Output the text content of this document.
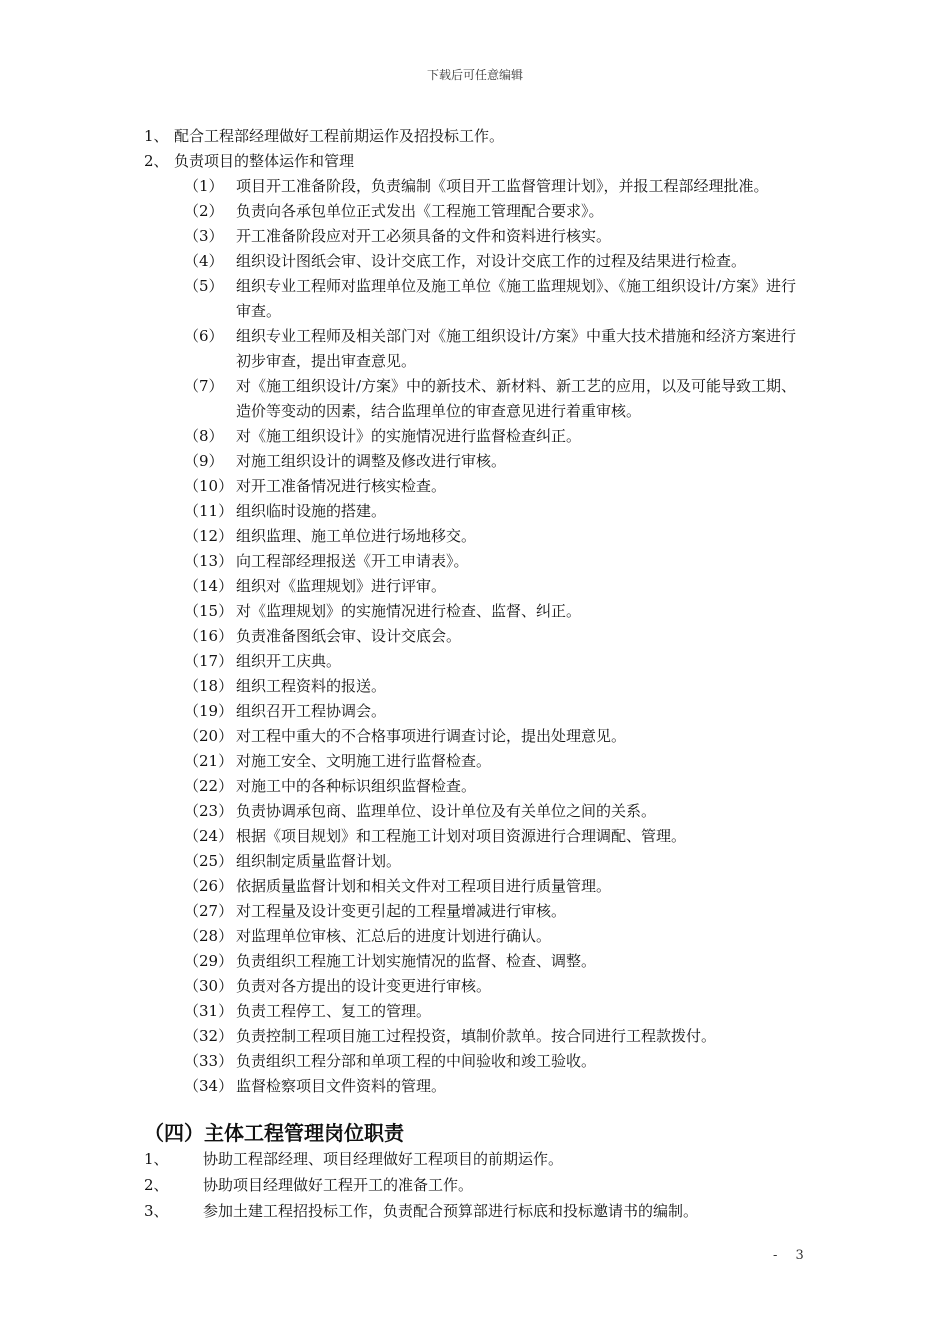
下载后可任意编辑
1、 配合工程部经理做好工程前期运作及招投标工作。
2、 负责项目的整体运作和管理
（1） 项目开工准备阶段，负责编制《项目开工监督管理计划》，并报工程部经理批准。
（2） 负责向各承包单位正式发出《工程施工管理配合要求》。
（3） 开工准备阶段应对开工必须具备的文件和资料进行核实。
（4） 组织设计图纸会审、设计交底工作，对设计交底工作的过程及结果进行检查。
（5） 组织专业工程师对监理单位及施工单位《施工监理规划》、《施工组织设计/方案》进行审查。
（6） 组织专业工程师及相关部门对《施工组织设计/方案》中重大技术措施和经济方案进行初步审查，提出审查意见。
（7） 对《施工组织设计/方案》中的新技术、新材料、新工艺的应用，以及可能导致工期、造价等变动的因素，结合监理单位的审查意见进行着重审核。
（8） 对《施工组织设计》的实施情况进行监督检查纠正。
（9） 对施工组织设计的调整及修改进行审核。
（10） 对开工准备情况进行核实检查。
（11） 组织临时设施的搭建。
（12） 组织监理、施工单位进行场地移交。
（13） 向工程部经理报送《开工申请表》。
（14） 组织对《监理规划》进行评审。
（15） 对《监理规划》的实施情况进行检查、监督、纠正。
（16） 负责准备图纸会审、设计交底会。
（17） 组织开工庆典。
（18） 组织工程资料的报送。
（19） 组织召开工程协调会。
（20） 对工程中重大的不合格事项进行调查讨论，提出处理意见。
（21） 对施工安全、文明施工进行监督检查。
（22） 对施工中的各种标识组织监督检查。
（23） 负责协调承包商、监理单位、设计单位及有关单位之间的关系。
（24） 根据《项目规划》和工程施工计划对项目资源进行合理调配、管理。
（25） 组织制定质量监督计划。
（26） 依据质量监督计划和相关文件对工程项目进行质量管理。
（27） 对工程量及设计变更引起的工程量增减进行审核。
（28） 对监理单位审核、汇总后的进度计划进行确认。
（29） 负责组织工程施工计划实施情况的监督、检查、调整。
（30） 负责对各方提出的设计变更进行审核。
（31） 负责工程停工、复工的管理。
（32） 负责控制工程项目施工过程投资，填制价款单。按合同进行工程款拨付。
（33） 负责组织工程分部和单项工程的中间验收和竣工验收。
（34） 监督检察项目文件资料的管理。
（四）主体工程管理岗位职责
1、 协助工程部经理、项目经理做好工程项目的前期运作。
2、 协助项目经理做好工程开工的准备工作。
3、 参加土建工程招投标工作，负责配合预算部进行标底和投标邀请书的编制。
- 3
